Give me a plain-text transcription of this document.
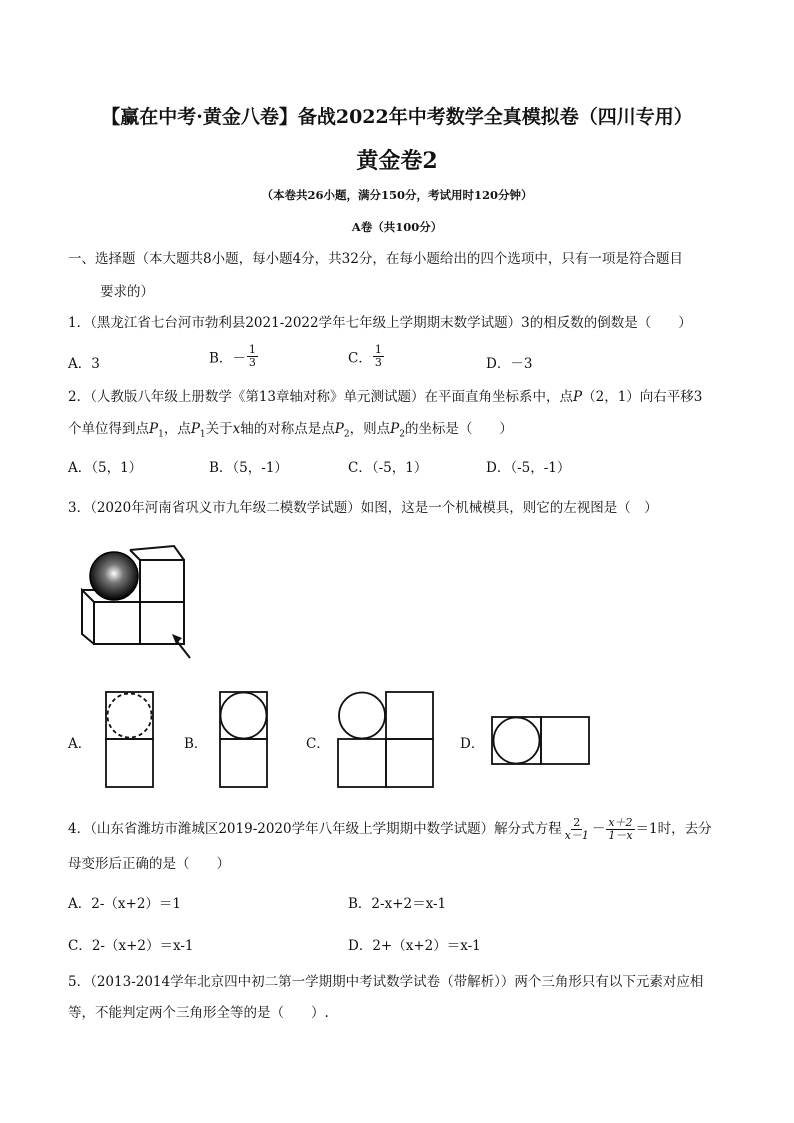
【赢在中考·黄金八卷】备战2022年中考数学全真模拟卷（四川专用）
黄金卷2
（本卷共26小题，满分150分，考试用时120分钟）
A卷（共100分）
一、选择题（本大题共8小题，每小题4分，共32分，在每小题给出的四个选项中，只有一项是符合题目
要求的）
1．（黑龙江省七台河市勃利县2021-2022学年七年级上学期期末数学试题）3的相反数的倒数是（　　）
A．3	B．－ $\frac{1}{3}$	C． $\frac{1}{3}$	D．－3
2．（人教版八年级上册数学《第13章轴对称》单元测试题）在平面直角坐标系中，点P（2，1）向右平移3
个单位得到点$P_1$，点$P_1$关于x轴的对称点是点$P_2$，则点$P_2$的坐标是（　　）
A．（5，1）	B．（5，-1）	C．（-5，1）	D．（-5，-1）
3．（2020年河南省巩义市九年级二模数学试题）如图，这是一个机械模具，则它的左视图是（　）
A．	B．	C．	D．
4．（山东省潍坊市潍城区2019-2020学年八年级上学期期中数学试题）解分式方程 $\frac{2}{x-1} - \frac{x+2}{1-x} =1$时，去分
母变形后正确的是（　　）
A．2-（x+2）＝1	B．2-x+2＝x-1
C．2-（x+2）＝x-1	D．2+（x+2）＝x-1
5．（2013-2014学年北京四中初二第一学期期中考试数学试卷（带解析））两个三角形只有以下元素对应相
等，不能判定两个三角形全等的是（　　）.
